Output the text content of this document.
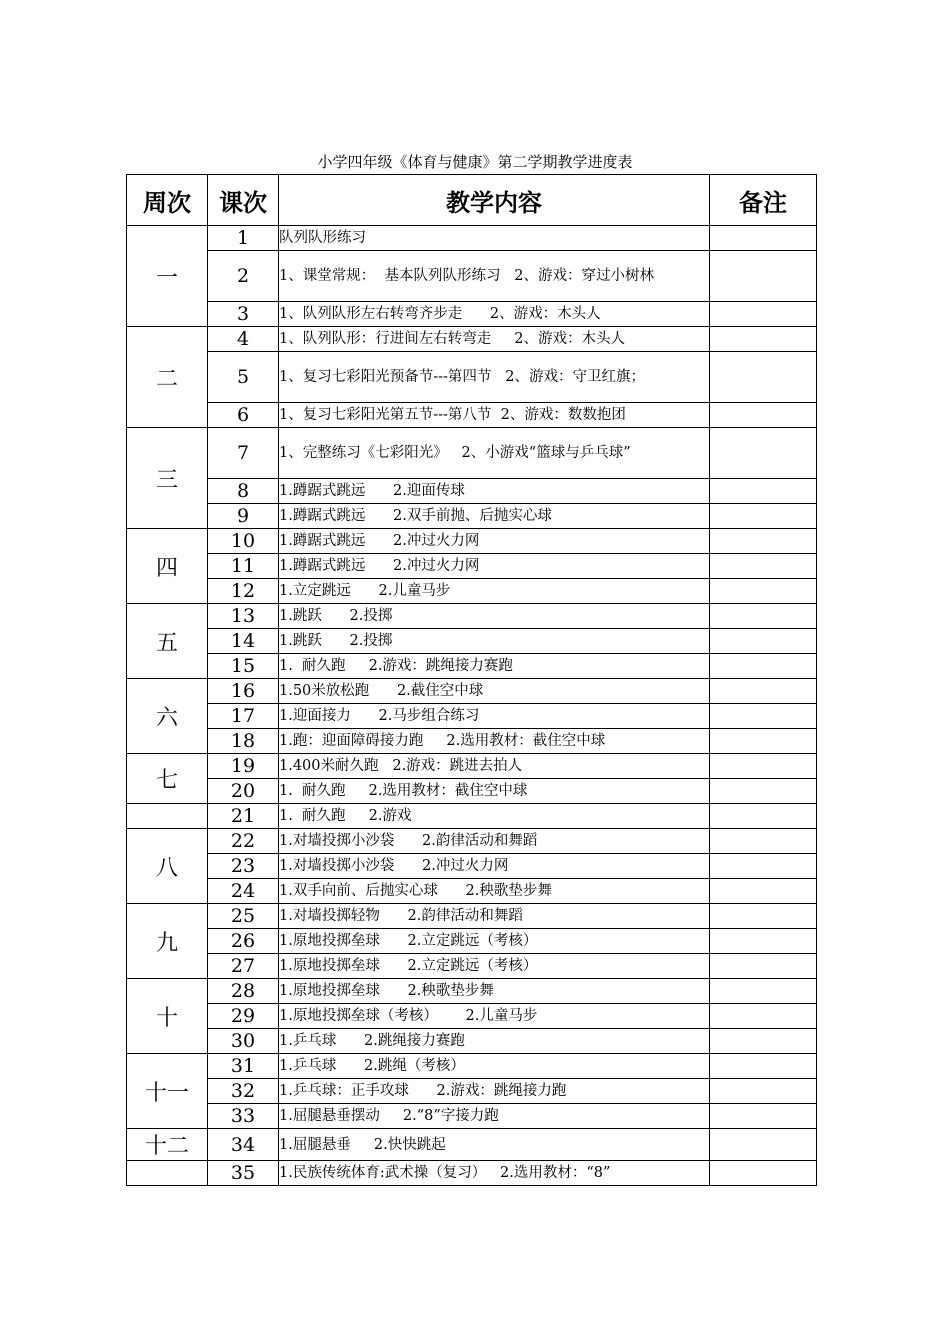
小学四年级《体育与健康》第二学期教学进度表
周次	课次	教学内容	备注
一	1	队列队形练习	
	2	1、课堂常规：  基本队列队形练习   2、游戏：穿过小树林	
	3	1、队列队形左右转弯齐步走      2、游戏：木头人	
二	4	1、队列队形：行进间左右转弯走     2、游戏：木头人	
	5	1、复习七彩阳光预备节---第四节   2、游戏：守卫红旗；	
	6	1、复习七彩阳光第五节---第八节  2、游戏：数数抱团	
三	7	1、完整练习《七彩阳光》   2、小游戏“篮球与乒乓球”	
	8	1.蹲踞式跳远      2.迎面传球	
	9	1.蹲踞式跳远      2.双手前抛、后抛实心球	
四	10	1.蹲踞式跳远      2.冲过火力网	
	11	1.蹲踞式跳远      2.冲过火力网	
	12	1.立定跳远      2.儿童马步	
五	13	1.跳跃      2.投掷	
	14	1.跳跃      2.投掷	
	15	1.  耐久跑     2.游戏：跳绳接力赛跑	
六	16	1.50米放松跑      2.截住空中球	
	17	1.迎面接力      2.马步组合练习	
	18	1.跑：迎面障碍接力跑     2.选用教材：截住空中球	
七	19	1.400米耐久跑   2.游戏：跳进去拍人	
	20	1.  耐久跑     2.选用教材：截住空中球	
	21	1.  耐久跑     2.游戏	
八	22	1.对墙投掷小沙袋      2.韵律活动和舞蹈	
	23	1.对墙投掷小沙袋      2.冲过火力网	
	24	1.双手向前、后抛实心球      2.秧歌垫步舞	
九	25	1.对墙投掷轻物      2.韵律活动和舞蹈	
	26	1.原地投掷垒球      2.立定跳远（考核）	
	27	1.原地投掷垒球      2.立定跳远（考核）	
十	28	1.原地投掷垒球      2.秧歌垫步舞	
	29	1.原地投掷垒球（考核）      2.儿童马步	
	30	1.乒乓球      2.跳绳接力赛跑	
十一	31	1.乒乓球      2.跳绳（考核）	
	32	1.乒乓球：正手攻球      2.游戏：跳绳接力跑	
	33	1.屈腿悬垂摆动     2.“8”字接力跑	
十二	34	1.屈腿悬垂     2.快快跳起	
	35	1.民族传统体育:武术操（复习）   2.选用教材：“8”	
